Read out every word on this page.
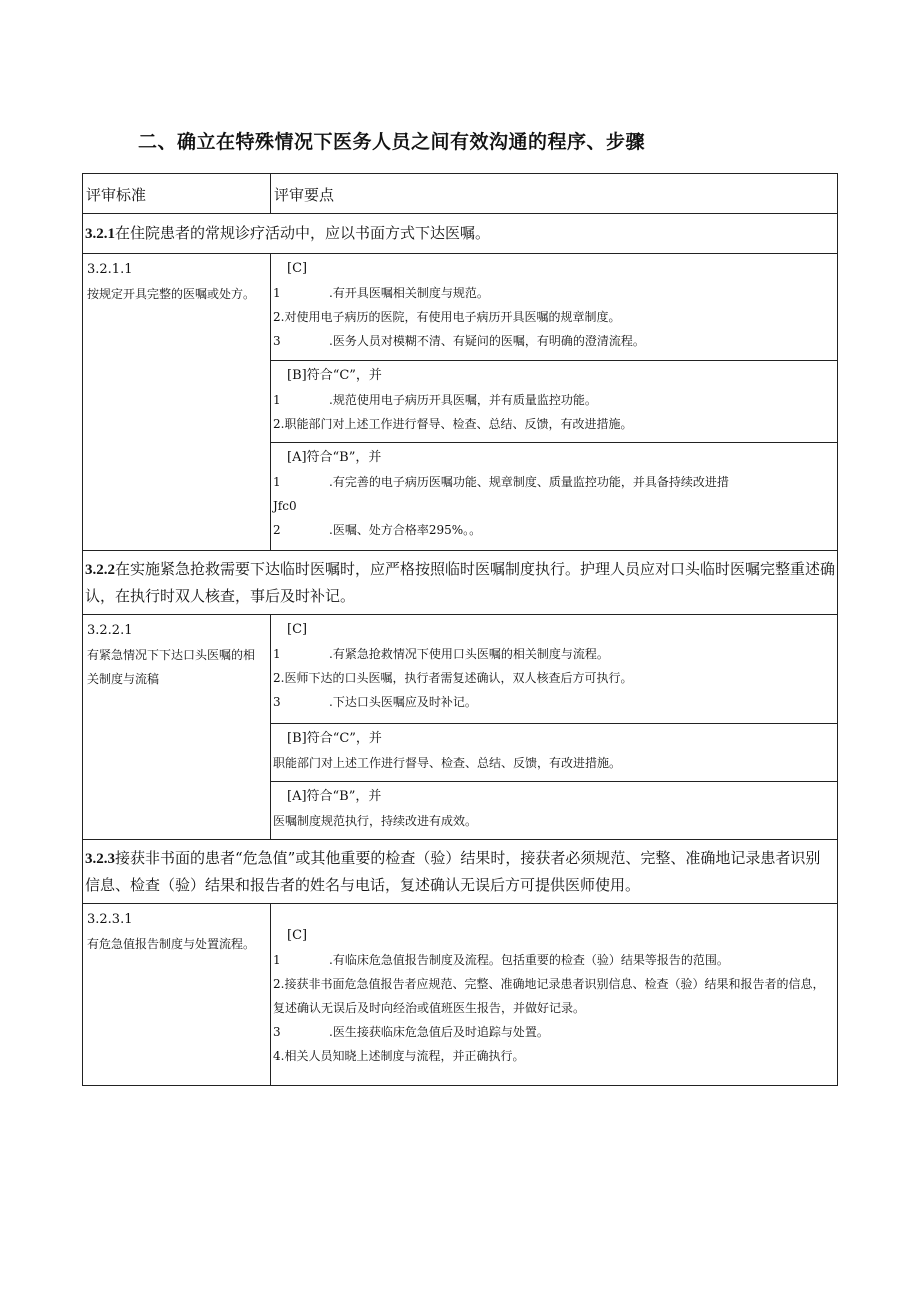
二、确立在特殊情况下医务人员之间有效沟通的程序、步骤
评审标准	评审要点
3.2.1在住院患者的常规诊疗活动中，应以书面方式下达医嘱。

3.2.1.1
按规定开具完整的医嘱或处方。

[C]
1	.有开具医嘱相关制度与规范。
2.对使用电子病历的医院，有使用电子病历开具医嘱的规章制度。
3	.医务人员对模糊不清、有疑问的医嘱，有明确的澄清流程。

[B]符合“C”，并
1	.规范使用电子病历开具医嘱，并有质量监控功能。
2.职能部门对上述工作进行督导、检查、总结、反馈，有改进措施。

[A]符合“B”，并
1	.有完善的电子病历医嘱功能、规章制度、质量监控功能，并具备持续改进措
Jfc0
2	.医嘱、处方合格率295%。。

3.2.2在实施紧急抢救需要下达临时医嘱时，应严格按照临时医嘱制度执行。护理人员应对口头临时医嘱完整重述确认，在执行时双人核查，事后及时补记。

3.2.2.1
有紧急情况下下达口头医嘱的相关制度与流稿

[C]
1	.有紧急抢救情况下使用口头医嘱的相关制度与流程。
2.医师下达的口头医嘱，执行者需复述确认，双人核查后方可执行。
3	.下达口头医嘱应及时补记。

[B]符合“C”，并
职能部门对上述工作进行督导、检查、总结、反馈，有改进措施。

[A]符合“B”，并
医嘱制度规范执行，持续改进有成效。

3.2.3接获非书面的患者“危急值”或其他重要的检查（验）结果时，接获者必须规范、完整、准确地记录患者识别信息、检查（验）结果和报告者的姓名与电话，复述确认无误后方可提供医师使用。

3.2.3.1
有危急值报告制度与处置流程。

[C]
1	.有临床危急值报告制度及流程。包括重要的检查（验）结果等报告的范围。
2.接获非书面危急值报告者应规范、完整、准确地记录患者识别信息、检查（验）结果和报告者的信息，复述确认无误后及时向经治或值班医生报告，并做好记录。
3	.医生接获临床危急值后及时追踪与处置。
4.相关人员知晓上述制度与流程，并正确执行。
